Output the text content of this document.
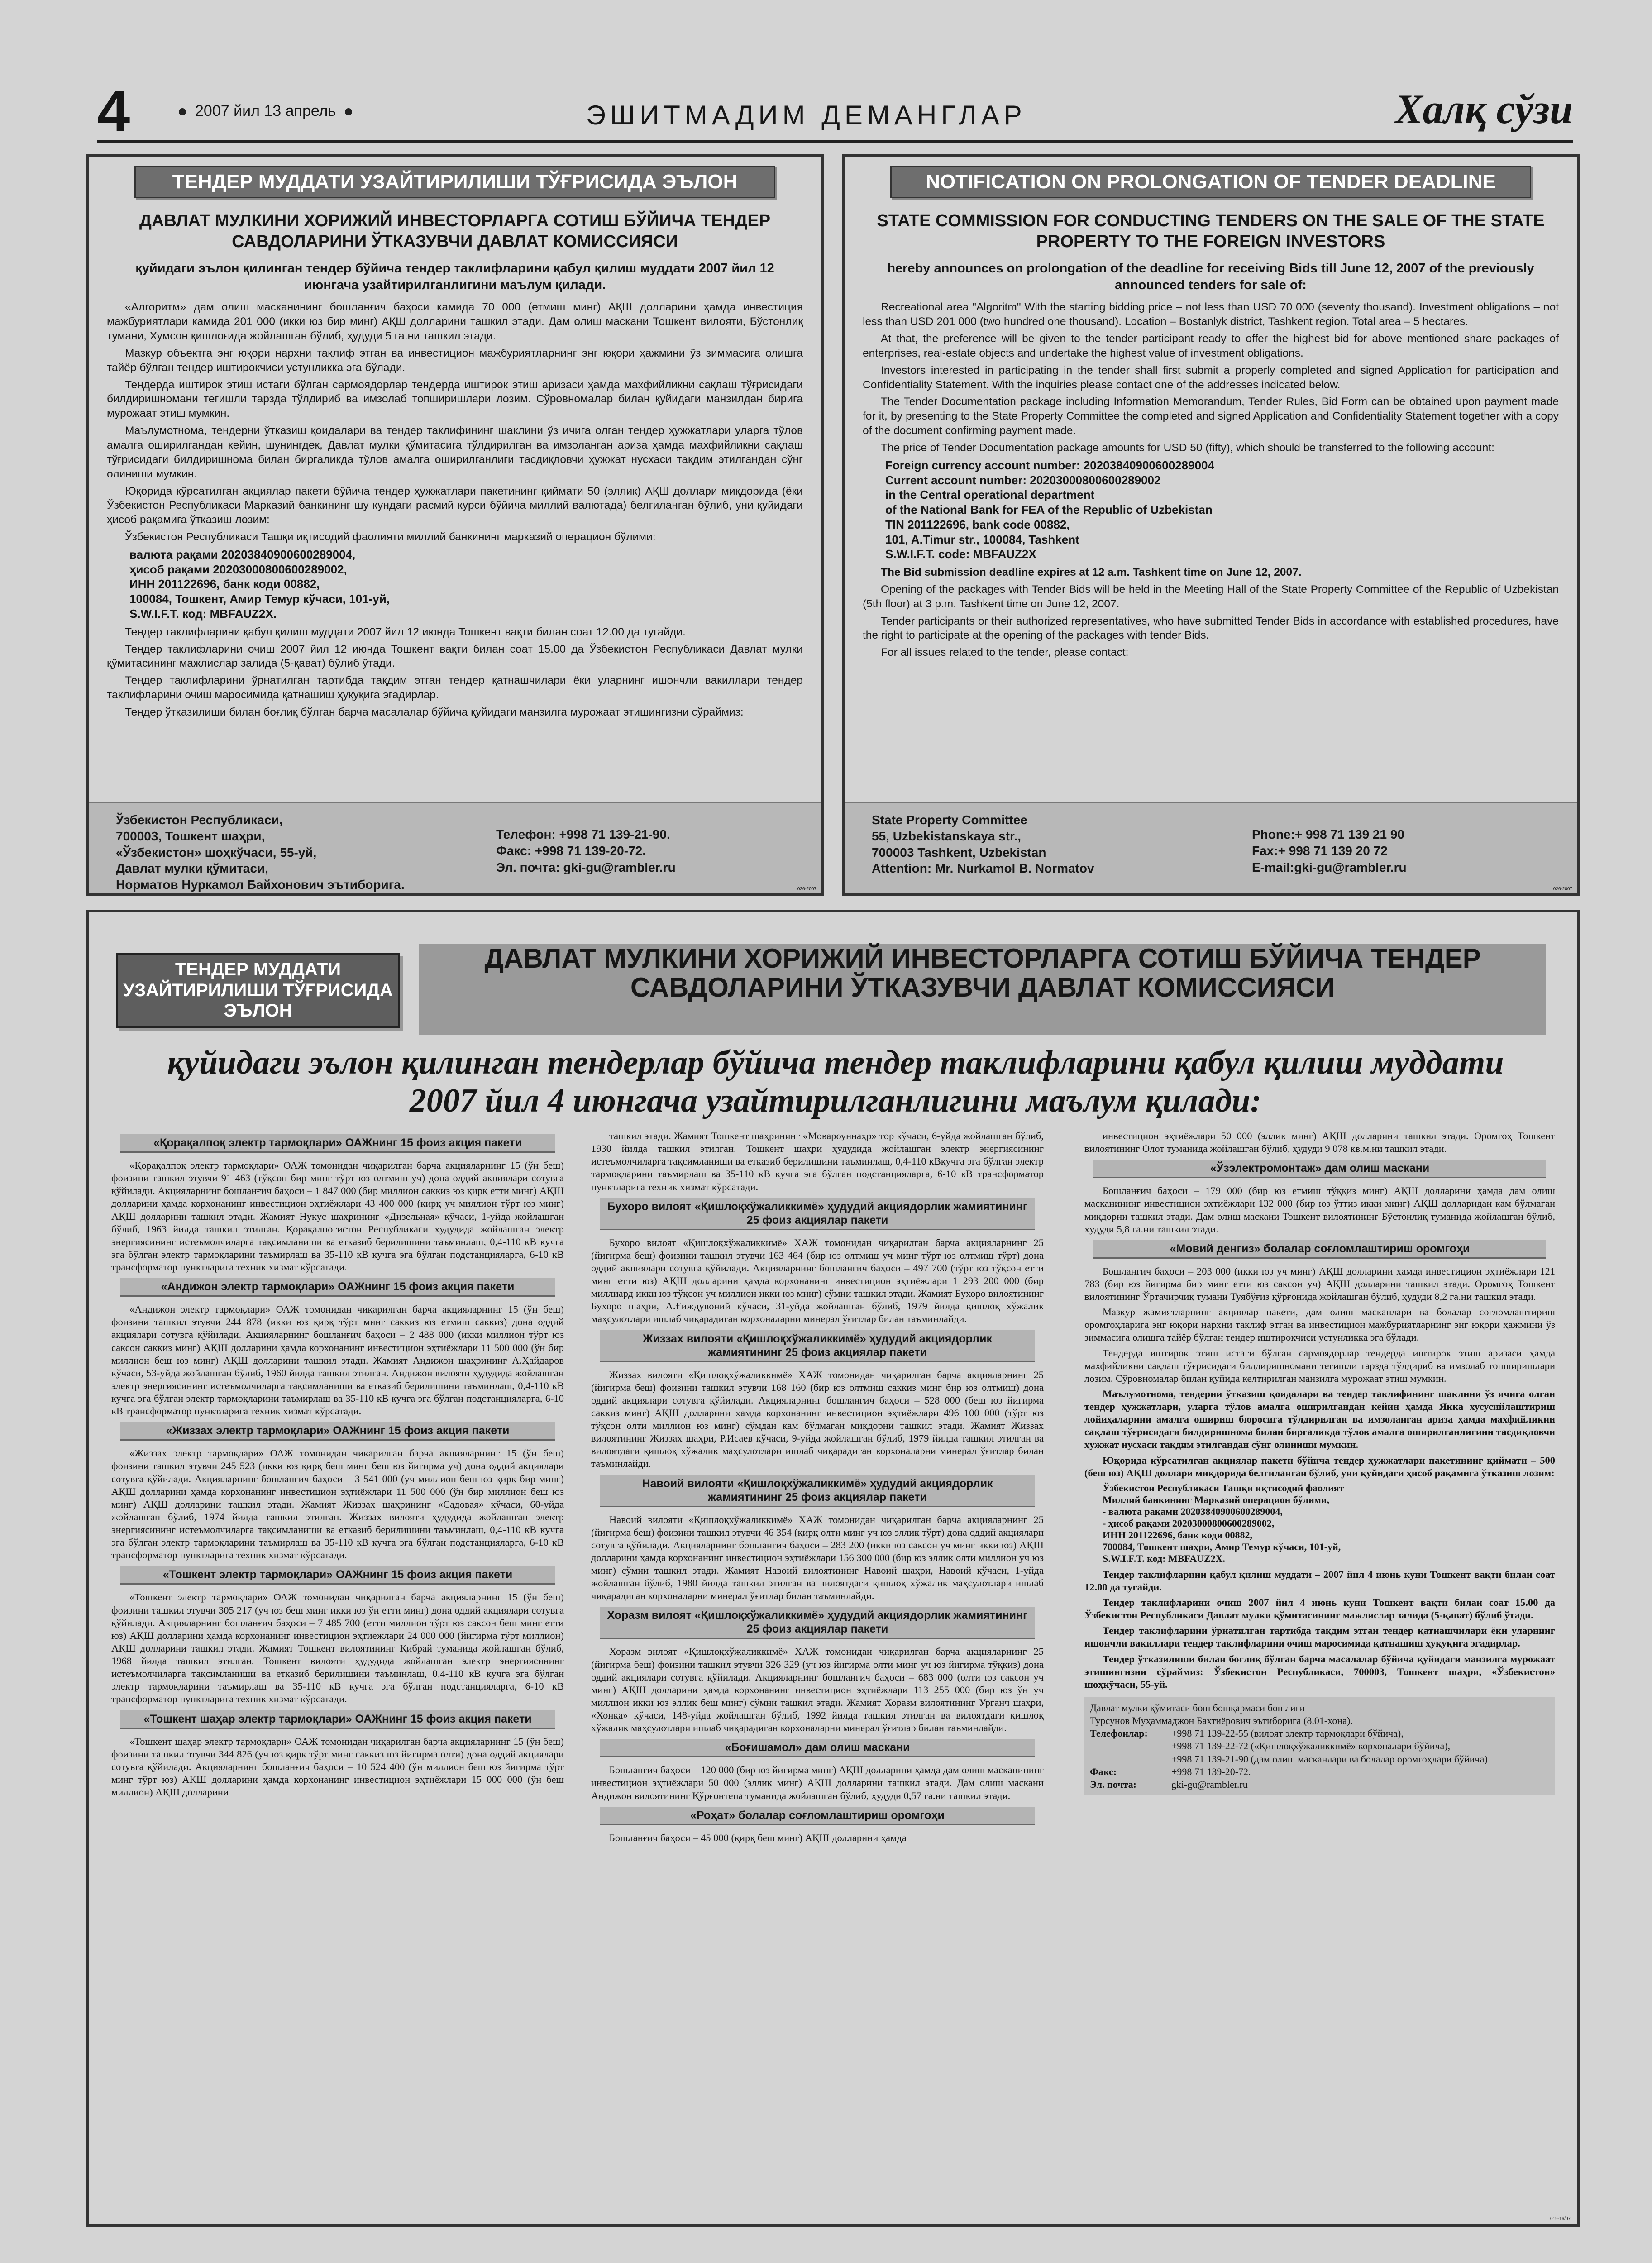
4	2007 йил 13 апрель	ЭШИТМАДИМ ДЕМАНГЛАР	Халқ сўзи
ТЕНДЕР МУДДАТИ УЗАЙТИРИЛИШИ ТЎҒРИСИДА ЭЪЛОН
ДАВЛАТ МУЛКИНИ ХОРИЖИЙ ИНВЕСТОРЛАРГА СОТИШ БЎЙИЧА ТЕНДЕР САВДОЛАРИНИ ЎТКАЗУВЧИ ДАВЛАТ КОМИССИЯСИ
қуйидаги эълон қилинган тендер бўйича тендер таклифларини қабул қилиш муддати 2007 йил 12 июнгача узайтирилганлигини маълум қилади.

«Алгоритм» дам олиш масканининг бошланғич баҳоси камида 70 000 (етмиш минг) АҚШ долларини ҳамда инвестиция мажбуриятлари камида 201 000 (икки юз бир минг) АҚШ долларини ташкил этади. Дам олиш маскани Тошкент вилояти, Бўстонлиқ тумани, Хумсон қишлоғида жойлашган бўлиб, ҳудуди 5 га.ни ташкил этади.

Мазкур объектга энг юқори нархни таклиф этган ва инвестицион мажбуриятларнинг энг юқори ҳажмини ўз зиммасига олишга тайёр бўлган тендер иштирокчиси устунликка эга бўлади.

Тендерда иштирок этиш истаги бўлган сармоядорлар тендерда иштирок этиш аризаси ҳамда махфийликни сақлаш тўғрисидаги билдиришномани тегишли тарзда тўлдириб ва имзолаб топширишлари лозим. Сўровномалар билан қуйидаги манзилдан бирига мурожаат этиш мумкин.

Маълумотнома, тендерни ўтказиш қоидалари ва тендер таклифининг шаклини ўз ичига олган тендер ҳужжатлари уларга тўлов амалга оширилгандан кейин, шунингдек, Давлат мулки қўмитасига тўлдирилган ва имзоланган ариза ҳамда махфийликни сақлаш тўғрисидаги билдиришнома билан биргаликда тўлов амалга оширилганлиги тасдиқловчи ҳужжат нусхаси тақдим этилгандан сўнг олиниши мумкин.

Юқорида кўрсатилган ақциялар пакети бўйича тендер ҳужжатлари пакетининг қиймати 50 (эллик) АҚШ доллари миқдорида (ёки Ўзбекистон Республикаси Марказий банкининг шу кундаги расмий курси бўйича миллий валютада) белгиланган бўлиб, уни қуйидаги ҳисоб рақамига ўтказиш лозим:

Ўзбекистон Республикаси Ташқи иқтисодий фаолияти миллий банкининг марказий операцион бўлими:

валюта рақами 20203840900600289004,
ҳисоб рақами 20203000800600289002,
ИНН 201122696, банк коди 00882,
100084, Тошкент, Амир Темур кўчаси, 101-уй,
S.W.I.F.T. код: MBFAUZ2X.

Тендер таклифларини қабул қилиш муддати 2007 йил 12 июнда Тошкент вақти билан соат 12.00 да тугайди.

Тендер таклифларини очиш 2007 йил 12 июнда Тошкент вақти билан соат 15.00 да Ўзбекистон Республикаси Давлат мулки қўмитасининг мажлислар залида (5-қават) бўлиб ўтади.

Тендер таклифларини ўрнатилган тартибда тақдим этган тендер қатнашчилари ёки уларнинг ишончли вакиллари тендер таклифларини очиш маросимида қатнашиш ҳуқуқига эгадирлар.

Тендер ўтказилиши билан боғлиқ бўлган барча масалалар бўйича қуйидаги манзилга мурожаат этишингизни сўраймиз:

Ўзбекистон Республикаси,
700003, Тошкент шаҳри,
«Ўзбекистон» шоҳкўчаси, 55-уй,
Давлат мулки қўмитаси,
Норматов Нуркамол Байхонович эътиборига.
Телефон: +998 71 139-21-90.
Факс: +998 71 139-20-72.
Эл. почта: gki-gu@rambler.ru
026-2007
NOTIFICATION ON PROLONGATION OF TENDER DEADLINE
STATE COMMISSION FOR CONDUCTING TENDERS ON THE SALE OF THE STATE PROPERTY TO THE FOREIGN INVESTORS
hereby announces on prolongation of the deadline for receiving Bids till June 12, 2007 of the previously announced tenders for sale of:

Recreational area "Algoritm" With the starting bidding price – not less than USD 70 000 (seventy thousand). Investment obligations – not less than USD 201 000 (two hundred one thousand). Location – Bostanlyk district, Tashkent region. Total area – 5 hectares.

At that, the preference will be given to the tender participant ready to offer the highest bid for above mentioned share packages of enterprises, real-estate objects and undertake the highest value of investment obligations.

Investors interested in participating in the tender shall first submit a properly completed and signed Application for participation and Confidentiality Statement. With the inquiries please contact one of the addresses indicated below.

The Tender Documentation package including Information Memorandum, Tender Rules, Bid Form can be obtained upon payment made for it, by presenting to the State Property Committee the completed and signed Application and Confidentiality Statement together with a copy of the document confirming payment made.

The price of Tender Documentation package amounts for USD 50 (fifty), which should be transferred to the following account:

Foreign currency account number: 20203840900600289004
Current account number: 20203000800600289002
in the Central operational department
of the National Bank for FEA of the Republic of Uzbekistan
TIN 201122696, bank code 00882,
101, A.Timur str., 100084, Tashkent
S.W.I.F.T. code: MBFAUZ2X

The Bid submission deadline expires at 12 a.m. Tashkent time on June 12, 2007.

Opening of the packages with Tender Bids will be held in the Meeting Hall of the State Property Committee of the Republic of Uzbekistan (5th floor) at 3 p.m. Tashkent time on June 12, 2007.

Tender participants or their authorized representatives, who have submitted Tender Bids in accordance with established procedures, have the right to participate at the opening of the packages with tender Bids.

For all issues related to the tender, please contact:

State Property Committee
55, Uzbekistanskaya str.,
700003 Tashkent, Uzbekistan
Attention: Mr. Nurkamol B. Normatov
Phone:+ 998 71 139 21 90
Fax:+ 998 71 139 20 72
E-mail:gki-gu@rambler.ru
026-2007
ТЕНДЕР МУДДАТИ УЗАЙТИРИЛИШИ ТЎҒРИСИДА ЭЪЛОН
ДАВЛАТ МУЛКИНИ ХОРИЖИЙ ИНВЕСТОРЛАРГА СОТИШ БЎЙИЧА ТЕНДЕР САВДОЛАРИНИ ЎТКАЗУВЧИ ДАВЛАТ КОМИССИЯСИ
қуйидаги эълон қилинган тендерлар бўйича тендер таклифларини қабул қилиш муддати 2007 йил 4 июнгача узайтирилганлигини маълум қилади:
«Қорақалпоқ электр тармоқлари» ОАЖнинг 15 фоиз акция пакети

«Қорақалпоқ электр тармоқлари» ОАЖ томонидан чиқарилган барча акцияларнинг 15 (ўн беш) фоизини ташкил этувчи 91 463 (тўқсон бир минг тўрт юз олтмиш уч) дона оддий акциялари сотувга қўйилади. Акцияларнинг бошланғич баҳоси – 1 847 000 (бир миллион саккиз юз қирқ етти минг) АҚШ долларини ҳамда корхонанинг инвестицион эҳтиёжлари 43 400 000 (қирқ уч миллион тўрт юз минг) АҚШ долларини ташкил этади. Жамият Нукус шаҳрининг «Дизельная» кўчаси, 1-уйда жойлашган бўлиб, 1963 йилда ташкил этилган. Қорақалпоғистон Республикаси ҳудудида жойлашган электр энергиясининг истеъмолчиларга тақсимланиши ва етказиб берилишини таъминлаш, 0,4-110 кВ кучга эга бўлган электр тармоқларини таъмирлаш ва 35-110 кВ кучга эга бўлган подстанцияларга, 6-10 кВ трансформатор пунктларига техник хизмат кўрсатади.

«Андижон электр тармоқлари» ОАЖнинг 15 фоиз акция пакети

«Андижон электр тармоқлари» ОАЖ томонидан чиқарилган барча акцияларнинг 15 (ўн беш) фоизини ташкил этувчи 244 878 (икки юз қирқ тўрт минг саккиз юз етмиш саккиз) дона оддий акциялари сотувга қўйилади. Акцияларнинг бошланғич баҳоси – 2 488 000 (икки миллион тўрт юз саксон саккиз минг) АҚШ долларини ҳамда корхонанинг инвестицион эҳтиёжлари 11 500 000 (ўн бир миллион беш юз минг) АҚШ долларини ташкил этади. Жамият Андижон шаҳрининг А.Ҳайдаров кўчаси, 53-уйда жойлашган бўлиб, 1960 йилда ташкил этилган. Андижон вилояти ҳудудида жойлашган электр энергиясининг истеъмолчиларга тақсимланиши ва етказиб берилишини таъминлаш, 0,4-110 кВ кучга эга бўлган электр тармоқларини таъмирлаш ва 35-110 кВ кучга эга бўлган подстанцияларга, 6-10 кВ трансформатор пунктларига техник хизмат кўрсатади.

«Жиззах электр тармоқлари» ОАЖнинг 15 фоиз акция пакети

«Жиззах электр тармоқлари» ОАЖ томонидан чиқарилган барча акцияларнинг 15 (ўн беш) фоизини ташкил этувчи 245 523 (икки юз қирқ беш минг беш юз йигирма уч) дона оддий акциялари сотувга қўйилади. Акцияларнинг бошланғич баҳоси – 3 541 000 (уч миллион беш юз қирқ бир минг) АҚШ долларини ҳамда корхонанинг инвестицион эҳтиёжлари 11 500 000 (ўн бир миллион беш юз минг) АҚШ долларини ташкил этади. Жамият Жиззах шаҳрининг «Садовая» кўчаси, 60-уйда жойлашган бўлиб, 1974 йилда ташкил этилган. Жиззах вилояти ҳудудида жойлашган электр энергиясининг истеъмолчиларга тақсимланиши ва етказиб берилишини таъминлаш, 0,4-110 кВ кучга эга бўлган электр тармоқларини таъмирлаш ва 35-110 кВ кучга эга бўлган подстанцияларга, 6-10 кВ трансформатор пунктларига техник хизмат кўрсатади.

«Тошкент электр тармоқлари» ОАЖнинг 15 фоиз акция пакети

«Тошкент электр тармоқлари» ОАЖ томонидан чиқарилган барча акцияларнинг 15 (ўн беш) фоизини ташкил этувчи 305 217 (уч юз беш минг икки юз ўн етти минг) дона оддий акциялари сотувга қўйилади. Акцияларнинг бошланғич баҳоси – 7 485 700 (етти миллион тўрт юз саксон беш минг етти юз) АҚШ долларини ҳамда корхонанинг инвестицион эҳтиёжлари 24 000 000 (йигирма тўрт миллион) АҚШ долларини ташкил этади. Жамият Тошкент вилоятининг Қибрай туманида жойлашган бўлиб, 1968 йилда ташкил этилган. Тошкент вилояти ҳудудида жойлашган электр энергиясининг истеъмолчиларга тақсимланиши ва етказиб берилишини таъминлаш, 0,4-110 кВ кучга эга бўлган электр тармоқларини таъмирлаш ва 35-110 кВ кучга эга бўлган подстанцияларга, 6-10 кВ трансформатор пунктларига техник хизмат кўрсатади.

«Тошкент шаҳар электр тармоқлари» ОАЖнинг 15 фоиз акция пакети

«Тошкент шаҳар электр тармоқлари» ОАЖ томонидан чиқарилган барча акцияларнинг 15 (ўн беш) фоизини ташкил этувчи 344 826 (уч юз қирқ тўрт минг саккиз юз йигирма олти) дона оддий акциялари сотувга қўйилади. Акцияларнинг бошланғич баҳоси – 10 524 400 (ўн миллион беш юз йигирма тўрт минг тўрт юз) АҚШ долларини ҳамда корхонанинг инвестицион эҳтиёжлари 15 000 000 (ўн беш миллион) АҚШ долларини

ташкил этади. Жамият Тошкент шаҳрининг «Мовароуннаҳр» тор кўчаси, 6-уйда жойлашган бўлиб, 1930 йилда ташкил этилган. Тошкент шаҳри ҳудудида жойлашган электр энергиясининг истеъмолчиларга тақсимланиши ва етказиб берилишини таъминлаш, 0,4-110 кВкучга эга бўлган электр тармоқларини таъмирлаш ва 35-110 кВ кучга эга бўлган подстанцияларга, 6-10 кВ трансформатор пунктларига техник хизмат кўрсатади.

Бухоро вилоят «Қишлоқхўжаликкимё» ҳудудий акциядорлик жамиятининг 25 фоиз акциялар пакети

Бухоро вилоят «Қишлоқхўжаликкимё» ХАЖ томонидан чиқарилган барча акцияларнинг 25 (йигирма беш) фоизини ташкил этувчи 163 464 (бир юз олтмиш уч минг тўрт юз олтмиш тўрт) дона оддий акциялари сотувга қўйилади. Акцияларнинг бошланғич баҳоси – 497 700 (тўрт юз тўқсон етти минг етти юз) АҚШ долларини ҳамда корхонанинг инвестицион эҳтиёжлари 1 293 200 000 (бир миллиард икки юз тўқсон уч миллион икки юз минг) сўмни ташкил этади. Жамият Бухоро вилоятининг Бухоро шаҳри, А.Ғиждувоний кўчаси, 31-уйда жойлашган бўлиб, 1979 йилда қишлоқ хўжалик маҳсулотлари ишлаб чиқарадиган корхоналарни минерал ўғитлар билан таъминлайди.

Жиззах вилояти «Қишлоқхўжаликкимё» ҳудудий акциядорлик жамиятининг 25 фоиз акциялар пакети

Жиззах вилояти «Қишлоқхўжаликкимё» ХАЖ томонидан чиқарилган барча акцияларнинг 25 (йигирма беш) фоизини ташкил этувчи 168 160 (бир юз олтмиш саккиз минг бир юз олтмиш) дона оддий акциялари сотувга қўйилади. Акцияларнинг бошланғич баҳоси – 528 000 (беш юз йигирма саккиз минг) АҚШ долларини ҳамда корхонанинг инвестицион эҳтиёжлари 496 100 000 (тўрт юз тўқсон олти миллион юз минг) сўмдан кам бўлмаган миқдорни ташкил этади. Жамият Жиззах вилоятининг Жиззах шаҳри, Р.Исаев кўчаси, 9-уйда жойлашган бўлиб, 1979 йилда ташкил этилган ва вилоятдаги қишлоқ хўжалик маҳсулотлари ишлаб чиқарадиган корхоналарни минерал ўғитлар билан таъминлайди.

Навоий вилояти «Қишлоқхўжаликкимё» ҳудудий акциядорлик жамиятининг 25 фоиз акциялар пакети

Навоий вилояти «Қишлоқхўжаликкимё» ХАЖ томонидан чиқарилган барча акцияларнинг 25 (йигирма беш) фоизини ташкил этувчи 46 354 (қирқ олти минг уч юз эллик тўрт) дона оддий акциялари сотувга қўйилади. Акцияларнинг бошланғич баҳоси – 283 200 (икки юз саксон уч минг икки юз) АҚШ долларини ҳамда корхонанинг инвестицион эҳтиёжлари 156 300 000 (бир юз эллик олти миллион уч юз минг) сўмни ташкил этади. Жамият Навоий вилоятининг Навоий шаҳри, Навоий кўчаси, 1-уйда жойлашган бўлиб, 1980 йилда ташкил этилган ва вилоятдаги қишлоқ хўжалик маҳсулотлари ишлаб чиқарадиган корхоналарни минерал ўғитлар билан таъминлайди.

Хоразм вилоят «Қишлоқхўжаликкимё» ҳудудий акциядорлик жамиятининг 25 фоиз акциялар пакети

Хоразм вилоят «Қишлоқхўжаликкимё» ХАЖ томонидан чиқарилган барча акцияларнинг 25 (йигирма беш) фоизини ташкил этувчи 326 329 (уч юз йигирма олти минг уч юз йигирма тўққиз) дона оддий акциялари сотувга қўйилади. Акцияларнинг бошланғич баҳоси – 683 000 (олти юз саксон уч минг) АҚШ долларини ҳамда корхонанинг инвестицион эҳтиёжлари 113 255 000 (бир юз ўн уч миллион икки юз эллик беш минг) сўмни ташкил этади. Жамият Хоразм вилоятининг Урганч шаҳри, «Хонқа» кўчаси, 148-уйда жойлашган бўлиб, 1992 йилда ташкил этилган ва вилоятдаги қишлоқ хўжалик маҳсулотлари ишлаб чиқарадиган корхоналарни минерал ўғитлар билан таъминлайди.

«Боғишамол» дам олиш маскани

Бошланғич баҳоси – 120 000 (бир юз йигирма минг) АҚШ долларини ҳамда дам олиш масканининг инвестицион эҳтиёжлари 50 000 (эллик минг) АҚШ долларини ташкил этади. Дам олиш маскани Андижон вилоятининг Қўрғонтепа туманида жойлашган бўлиб, ҳудуди 0,57 га.ни ташкил этади.

«Роҳат» болалар соғломлаштириш оромгоҳи

Бошланғич баҳоси – 45 000 (қирқ беш минг) АҚШ долларини ҳамда

инвестицион эҳтиёжлари 50 000 (эллик минг) АҚШ долларини ташкил этади. Оромгоҳ Тошкент вилоятининг Олот туманида жойлашган бўлиб, ҳудуди 9 078 кв.м.ни ташкил этади.

«Ўзэлектромонтаж» дам олиш маскани

Бошланғич баҳоси – 179 000 (бир юз етмиш тўққиз минг) АҚШ долларини ҳамда дам олиш масканининг инвестицион эҳтиёжлари 132 000 (бир юз ўттиз икки минг) АҚШ долларидан кам бўлмаган миқдорни ташкил этади. Дам олиш маскани Тошкент вилоятининг Бўстонлиқ туманида жойлашган бўлиб, ҳудуди 5,8 га.ни ташкил этади.

«Мовий денгиз» болалар соғломлаштириш оромгоҳи

Бошланғич баҳоси – 203 000 (икки юз уч минг) АҚШ долларини ҳамда инвестицион эҳтиёжлари 121 783 (бир юз йигирма бир минг етти юз саксон уч) АҚШ долларини ташкил этади. Оромгоҳ Тошкент вилоятининг Ўртачирчиқ тумани Туябўғиз қўрғонида жойлашган бўлиб, ҳудуди 8,2 га.ни ташкил этади.

Мазкур жамиятларнинг акциялар пакети, дам олиш масканлари ва болалар соғломлаштириш оромгоҳларига энг юқори нархни таклиф этган ва инвестицион мажбуриятларнинг энг юқори ҳажмини ўз зиммасига олишга тайёр бўлган тендер иштирокчиси устунликка эга бўлади.

Тендерда иштирок этиш истаги бўлган сармоядорлар тендерда иштирок этиш аризаси ҳамда махфийликни сақлаш тўғрисидаги билдиришномани тегишли тарзда тўлдириб ва имзолаб топширишлари лозим. Сўровномалар билан қуйида келтирилган манзилга мурожаат этиш мумкин.

Маълумотнома, тендерни ўтказиш қоидалари ва тендер таклифининг шаклини ўз ичига олган тендер ҳужжатлари, уларга тўлов амалга оширилгандан кейин ҳамда Якка хусусийлаштириш лойиҳаларини амалга ошириш бюросига тўлдирилган ва имзоланган ариза ҳамда махфийликни сақлаш тўғрисидаги билдиришнома билан биргаликда тўлов амалга оширилганлигини тасдиқловчи ҳужжат нусхаси тақдим этилгандан сўнг олиниши мумкин.

Юқорида кўрсатилган акциялар пакети бўйича тендер ҳужжатлари пакетининг қиймати – 500 (беш юз) АҚШ доллари миқдорида белгиланган бўлиб, уни қуйидаги ҳисоб рақамига ўтказиш лозим:

Ўзбекистон Республикаси Ташқи иқтисодий фаолият
Миллий банкининг Марказий операцион бўлими,
- валюта рақами 20203840900600289004,
- ҳисоб рақами 20203000800600289002,
ИНН 201122696, банк коди 00882,
700084, Тошкент шаҳри, Амир Темур кўчаси, 101-уй,
S.W.I.F.T. код: MBFAUZ2X.

Тендер таклифларини қабул қилиш муддати – 2007 йил 4 июнь куни Тошкент вақти билан соат 12.00 да тугайди.

Тендер таклифларини очиш 2007 йил 4 июнь куни Тошкент вақти билан соат 15.00 да Ўзбекистон Республикаси Давлат мулки қўмитасининг мажлислар залида (5-қават) бўлиб ўтади.

Тендер таклифларини ўрнатилган тартибда тақдим этган тендер қатнашчилари ёки уларнинг ишончли вакиллари тендер таклифларини очиш маросимида қатнашиш ҳуқуқига эгадирлар.

Тендер ўтказилиши билан боғлиқ бўлган барча масалалар бўйича қуйидаги манзилга мурожаат этишингизни сўраймиз: Ўзбекистон Республикаси, 700003, Тошкент шаҳри, «Ўзбекистон» шоҳкўчаси, 55-уй.

Давлат мулки қўмитаси бош бошқармаси бошлиғи
Турсунов Муҳаммаджон Бахтиёрович эътиборига (8.01-хона).
Телефонлар:	+998 71 139-22-55 (вилоят электр тармоқлари бўйича),
+998 71 139-22-72 («Қишлоқхўжаликкимё» корхоналари бўйича),
+998 71 139-21-90 (дам олиш масканлари ва болалар оромгоҳлари бўйича)
Факс:	+998 71 139-20-72.
Эл. почта:	gki-gu@rambler.ru
019-16/07
